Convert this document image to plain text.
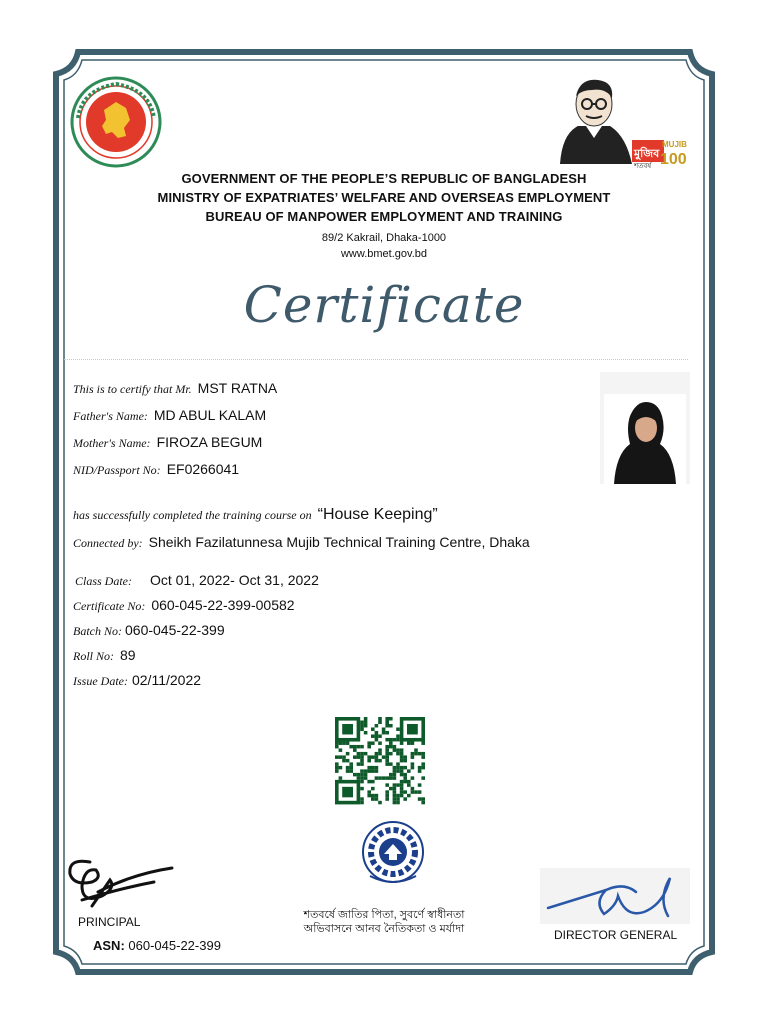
মুজিব
শতবর্ষ
MUJIB
100
GOVERNMENT OF THE PEOPLE’S REPUBLIC OF BANGLADESH
MINISTRY OF EXPATRIATES’ WELFARE AND OVERSEAS EMPLOYMENT
BUREAU OF MANPOWER EMPLOYMENT AND TRAINING
89/2 Kakrail, Dhaka-1000
www.bmet.gov.bd
Certificate
This is to certify that Mr. MST RATNA
Father's Name: MD ABUL KALAM
Mother's Name: FIROZA BEGUM
NID/Passport No: EF0266041
has successfully completed the training course on “House Keeping”
Connected by: Sheikh Fazilatunnesa Mujib Technical Training Centre, Dhaka
Class Date: Oct 01, 2022- Oct 31, 2022
Certificate No: 060-045-22-399-00582
Batch No: 060-045-22-399
Roll No: 89
Issue Date: 02/11/2022
PRINCIPAL
ASN: 060-045-22-399
শতবর্ষে জাতির পিতা, সুবর্ণে স্বাধীনতা
অভিবাসনে আনব নৈতিকতা ও মর্যাদা	DIRECTOR GENERAL
